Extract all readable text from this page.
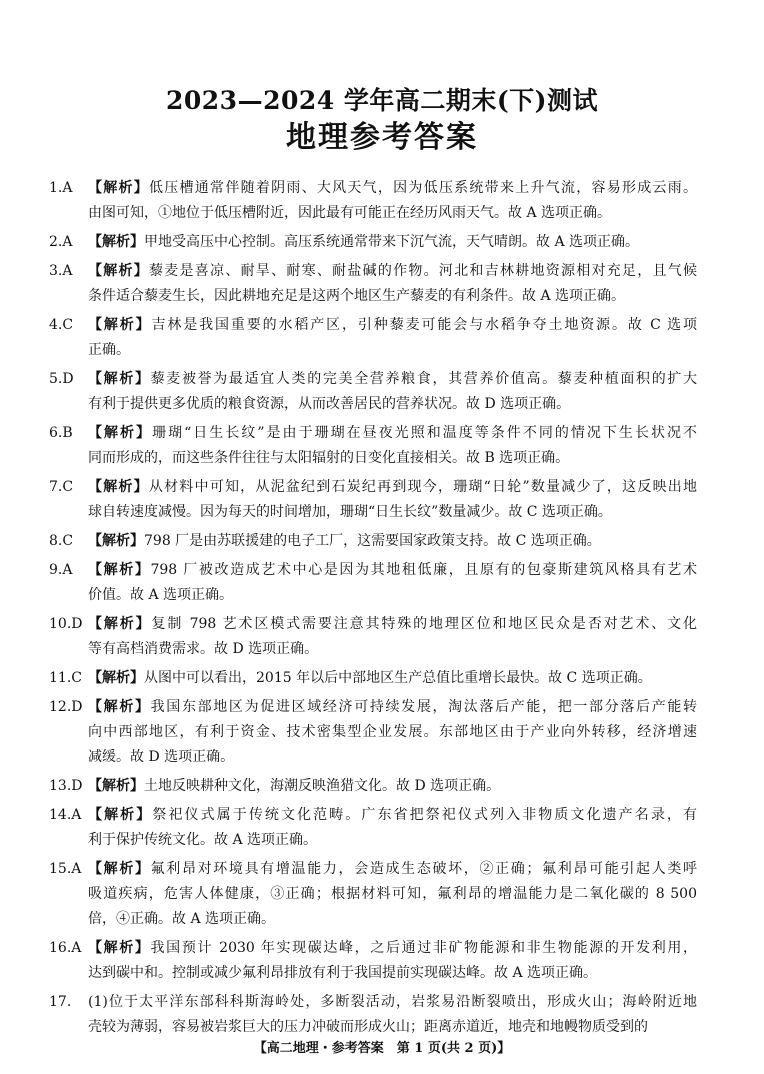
2023—2024 学年高二期末(下)测试
地理参考答案
1.A 【解析】低压槽通常伴随着阴雨、大风天气，因为低压系统带来上升气流，容易形成云雨。
由图可知，①地位于低压槽附近，因此最有可能正在经历风雨天气。故 A 选项正确。
2.A 【解析】甲地受高压中心控制。高压系统通常带来下沉气流，天气晴朗。故 A 选项正确。
3.A 【解析】藜麦是喜凉、耐旱、耐寒、耐盐碱的作物。河北和吉林耕地资源相对充足，且气候
条件适合藜麦生长，因此耕地充足是这两个地区生产藜麦的有利条件。故 A 选项正确。
4.C 【解析】吉林是我国重要的水稻产区，引种藜麦可能会与水稻争夺土地资源。故 C 选项
正确。
5.D 【解析】藜麦被誉为最适宜人类的完美全营养粮食，其营养价值高。藜麦种植面积的扩大
有利于提供更多优质的粮食资源，从而改善居民的营养状况。故 D 选项正确。
6.B 【解析】珊瑚“日生长纹”是由于珊瑚在昼夜光照和温度等条件不同的情况下生长状况不
同而形成的，而这些条件往往与太阳辐射的日变化直接相关。故 B 选项正确。
7.C 【解析】从材料中可知，从泥盆纪到石炭纪再到现今，珊瑚“日轮”数量减少了，这反映出地
球自转速度减慢。因为每天的时间增加，珊瑚“日生长纹”数量减少。故 C 选项正确。
8.C 【解析】798 厂是由苏联援建的电子工厂，这需要国家政策支持。故 C 选项正确。
9.A 【解析】798 厂被改造成艺术中心是因为其地租低廉，且原有的包豪斯建筑风格具有艺术
价值。故 A 选项正确。
10.D 【解析】复制 798 艺术区模式需要注意其特殊的地理区位和地区民众是否对艺术、文化
等有高档消费需求。故 D 选项正确。
11.C 【解析】从图中可以看出，2015 年以后中部地区生产总值比重增长最快。故 C 选项正确。
12.D 【解析】我国东部地区为促进区域经济可持续发展，淘汰落后产能，把一部分落后产能转
向中西部地区，有利于资金、技术密集型企业发展。东部地区由于产业向外转移，经济增速
减缓。故 D 选项正确。
13.D 【解析】土地反映耕种文化，海潮反映渔猎文化。故 D 选项正确。
14.A 【解析】祭祀仪式属于传统文化范畴。广东省把祭祀仪式列入非物质文化遗产名录，有
利于保护传统文化。故 A 选项正确。
15.A 【解析】氟利昂对环境具有增温能力，会造成生态破坏，②正确；氟利昂可能引起人类呼
吸道疾病，危害人体健康，③正确；根据材料可知，氟利昂的增温能力是二氧化碳的 8 500
倍，④正确。故 A 选项正确。
16.A 【解析】我国预计 2030 年实现碳达峰，之后通过非矿物能源和非生物能源的开发利用，
达到碳中和。控制或减少氟利昂排放有利于我国提前实现碳达峰。故 A 选项正确。
17. (1)位于太平洋东部科科斯海岭处，多断裂活动，岩浆易沿断裂喷出，形成火山；海岭附近地
壳较为薄弱，容易被岩浆巨大的压力冲破而形成火山；距离赤道近，地壳和地幔物质受到的
【高二地理・参考答案　第 1 页(共 2 页)】
